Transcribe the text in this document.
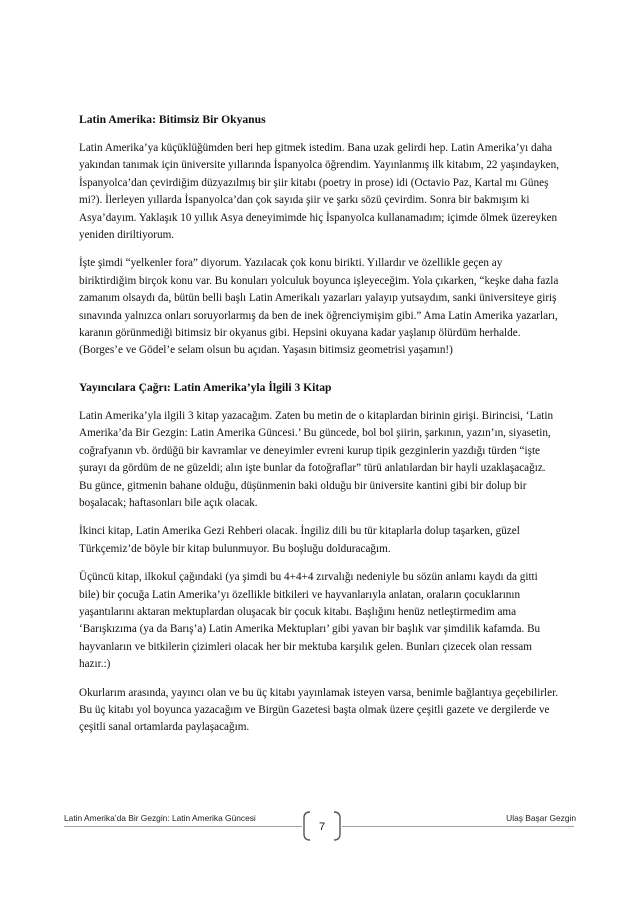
Latin Amerika: Bitimsiz Bir Okyanus

Latin Amerika’ya küçüklüğümden beri hep gitmek istedim. Bana uzak gelirdi hep. Latin Amerika’yı daha yakından tanımak için üniversite yıllarında İspanyolca öğrendim. Yayınlanmış ilk kitabım, 22 yaşındayken, İspanyolca’dan çevirdiğim düzyazılmış bir şiir kitabı (poetry in prose) idi (Octavio Paz, Kartal mı Güneş mi?). İlerleyen yıllarda İspanyolca’dan çok sayıda şiir ve şarkı sözü çevirdim. Sonra bir bakmışım ki Asya’dayım. Yaklaşık 10 yıllık Asya deneyimimde hiç İspanyolca kullanamadım; içimde ölmek üzereyken yeniden diriltiyorum.

İşte şimdi “yelkenler fora” diyorum. Yazılacak çok konu birikti. Yıllardır ve özellikle geçen ay biriktirdiğim birçok konu var. Bu konuları yolculuk boyunca işleyeceğim. Yola çıkarken, “keşke daha fazla zamanım olsaydı da, bütün belli başlı Latin Amerikalı yazarları yalayıp yutsaydım, sanki üniversiteye giriş sınavında yalnızca onları soruyorlarmış da ben de inek öğrenciymişim gibi.” Ama Latin Amerika yazarları, karanın görünmediği bitimsiz bir okyanus gibi. Hepsini okuyana kadar yaşlanıp ölürdüm herhalde. (Borges’e ve Gödel’e selam olsun bu açıdan. Yaşasın bitimsiz geometrisi yaşamın!)

Yayıncılara Çağrı: Latin Amerika’yla İlgili 3 Kitap

Latin Amerika’yla ilgili 3 kitap yazacağım. Zaten bu metin de o kitaplardan birinin girişi. Birincisi, ‘Latin Amerika’da Bir Gezgin: Latin Amerika Güncesi.’ Bu güncede, bol bol şiirin, şarkının, yazın’ın, siyasetin, coğrafyanın vb. ördüğü bir kavramlar ve deneyimler evreni kurup tipik gezginlerin yazdığı türden “işte şurayı da gördüm de ne güzeldi; alın işte bunlar da fotoğraflar” türü anlatılardan bir hayli uzaklaşacağız. Bu günce, gitmenin bahane olduğu, düşünmenin baki olduğu bir üniversite kantini gibi bir dolup bir boşalacak; haftasonları bile açık olacak.

İkinci kitap, Latin Amerika Gezi Rehberi olacak. İngiliz dili bu tür kitaplarla dolup taşarken, güzel Türkçemiz’de böyle bir kitap bulunmuyor. Bu boşluğu dolduracağım.

Üçüncü kitap, ilkokul çağındaki (ya şimdi bu 4+4+4 zırvalığı nedeniyle bu sözün anlamı kaydı da gitti bile) bir çocuğa Latin Amerika’yı özellikle bitkileri ve hayvanlarıyla anlatan, oraların çocuklarının yaşantılarını aktaran mektuplardan oluşacak bir çocuk kitabı. Başlığını henüz netleştirmedim ama ‘Barışkızıma (ya da Barış’a) Latin Amerika Mektupları’ gibi yavan bir başlık var şimdilik kafamda. Bu hayvanların ve bitkilerin çizimleri olacak her bir mektuba karşılık gelen. Bunları çizecek olan ressam hazır.:)

Okurlarım arasında, yayıncı olan ve bu üç kitabı yayınlamak isteyen varsa, benimle bağlantıya geçebilirler. Bu üç kitabı yol boyunca yazacağım ve Birgün Gazetesi başta olmak üzere çeşitli gazete ve dergilerde ve çeşitli sanal ortamlarda paylaşacağım.

Latin Amerika’da Bir Gezgin: Latin Amerika Güncesi
7
Ulaş Başar Gezgin
